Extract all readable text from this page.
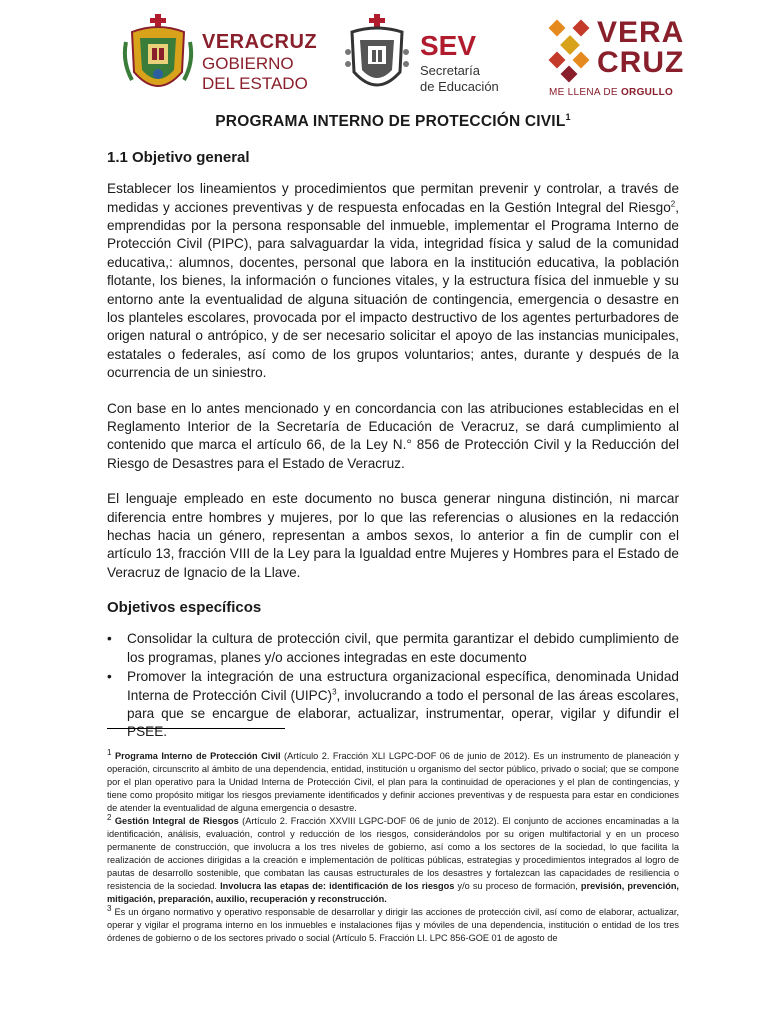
VERACRUZ
GOBIERNO
DEL ESTADO
SEV
Secretaría
de Educación
VERA
CRUZ
ME LLENA DE ORGULLO
PROGRAMA INTERNO DE PROTECCIÓN CIVIL$^1$
1.1 Objetivo general

Establecer los lineamientos y procedimientos que permitan prevenir y controlar, a través de medidas y acciones preventivas y de respuesta enfocadas en la Gestión Integral del Riesgo$^2$, emprendidas por la persona responsable del inmueble, implementar el Programa Interno de Protección Civil (PIPC), para salvaguardar la vida, integridad física y salud de la comunidad educativa,: alumnos, docentes, personal que labora en la institución educativa, la población flotante, los bienes, la información o funciones vitales, y la estructura física del inmueble y su entorno ante la eventualidad de alguna situación de contingencia, emergencia o desastre en los planteles escolares, provocada por el impacto destructivo de los agentes perturbadores de origen natural o antrópico, y de ser necesario solicitar el apoyo de las instancias municipales, estatales o federales, así como de los grupos voluntarios; antes, durante y después de la ocurrencia de un siniestro.

Con base en lo antes mencionado y en concordancia con las atribuciones establecidas en el Reglamento Interior de la Secretaría de Educación de Veracruz, se dará cumplimiento al contenido que marca el artículo 66, de la Ley N.° 856 de Protección Civil y la Reducción del Riesgo de Desastres para el Estado de Veracruz.

El lenguaje empleado en este documento no busca generar ninguna distinción, ni marcar diferencia entre hombres y mujeres, por lo que las referencias o alusiones en la redacción hechas hacia un género, representan a ambos sexos, lo anterior a fin de cumplir con el artículo 13, fracción VIII de la Ley para la Igualdad entre Mujeres y Hombres para el Estado de Veracruz de Ignacio de la Llave.

Objetivos específicos
• Consolidar la cultura de protección civil, que permita garantizar el debido cumplimiento de los programas, planes y/o acciones integradas en este documento
• Promover la integración de una estructura organizacional específica, denominada Unidad Interna de Protección Civil (UIPC)$^3$, involucrando a todo el personal de las áreas escolares, para que se encargue de elaborar, actualizar, instrumentar, operar, vigilar y difundir el PSEE.

$^1$ Programa Interno de Protección Civil (Artículo 2. Fracción XLI LGPC-DOF 06 de junio de 2012). Es un instrumento de planeación y operación, circunscrito al ámbito de una dependencia, entidad, institución u organismo del sector público, privado o social; que se compone por el plan operativo para la Unidad Interna de Protección Civil, el plan para la continuidad de operaciones y el plan de contingencias, y tiene como propósito mitigar los riesgos previamente identificados y definir acciones preventivas y de respuesta para estar en condiciones de atender la eventualidad de alguna emergencia o desastre.

$^2$ Gestión Integral de Riesgos (Artículo 2. Fracción XXVIII LGPC-DOF 06 de junio de 2012). El conjunto de acciones encaminadas a la identificación, análisis, evaluación, control y reducción de los riesgos, considerándolos por su origen multifactorial y en un proceso permanente de construcción, que involucra a los tres niveles de gobierno, así como a los sectores de la sociedad, lo que facilita la realización de acciones dirigidas a la creación e implementación de políticas públicas, estrategias y procedimientos integrados al logro de pautas de desarrollo sostenible, que combatan las causas estructurales de los desastres y fortalezcan las capacidades de resiliencia o resistencia de la sociedad. Involucra las etapas de: identificación de los riesgos y/o su proceso de formación, previsión, prevención, mitigación, preparación, auxilio, recuperación y reconstrucción.

$^3$ Es un órgano normativo y operativo responsable de desarrollar y dirigir las acciones de protección civil, así como de elaborar, actualizar, operar y vigilar el programa interno en los inmuebles e instalaciones fijas y móviles de una dependencia, institución o entidad de los tres órdenes de gobierno o de los sectores privado o social (Artículo 5. Fracción LI. LPC 856-GOE 01 de agosto de
